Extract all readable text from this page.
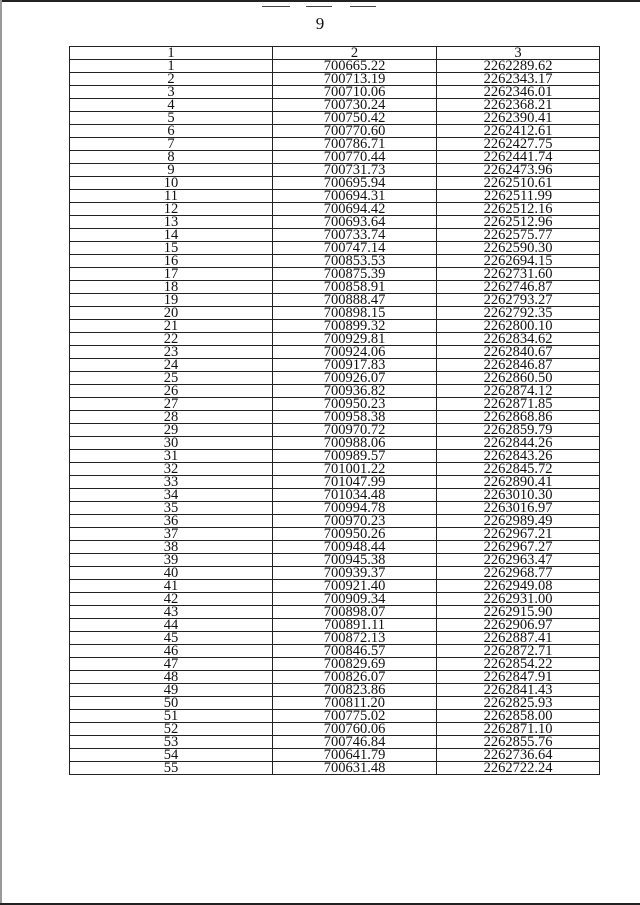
9
1	2	3
1	700665.22	2262289.62
2	700713.19	2262343.17
3	700710.06	2262346.01
4	700730.24	2262368.21
5	700750.42	2262390.41
6	700770.60	2262412.61
7	700786.71	2262427.75
8	700770.44	2262441.74
9	700731.73	2262473.96
10	700695.94	2262510.61
11	700694.31	2262511.99
12	700694.42	2262512.16
13	700693.64	2262512.96
14	700733.74	2262575.77
15	700747.14	2262590.30
16	700853.53	2262694.15
17	700875.39	2262731.60
18	700858.91	2262746.87
19	700888.47	2262793.27
20	700898.15	2262792.35
21	700899.32	2262800.10
22	700929.81	2262834.62
23	700924.06	2262840.67
24	700917.83	2262846.87
25	700926.07	2262860.50
26	700936.82	2262874.12
27	700950.23	2262871.85
28	700958.38	2262868.86
29	700970.72	2262859.79
30	700988.06	2262844.26
31	700989.57	2262843.26
32	701001.22	2262845.72
33	701047.99	2262890.41
34	701034.48	2263010.30
35	700994.78	2263016.97
36	700970.23	2262989.49
37	700950.26	2262967.21
38	700948.44	2262967.27
39	700945.38	2262963.47
40	700939.37	2262968.77
41	700921.40	2262949.08
42	700909.34	2262931.00
43	700898.07	2262915.90
44	700891.11	2262906.97
45	700872.13	2262887.41
46	700846.57	2262872.71
47	700829.69	2262854.22
48	700826.07	2262847.91
49	700823.86	2262841.43
50	700811.20	2262825.93
51	700775.02	2262858.00
52	700760.06	2262871.10
53	700746.84	2262855.76
54	700641.79	2262736.64
55	700631.48	2262722.24
